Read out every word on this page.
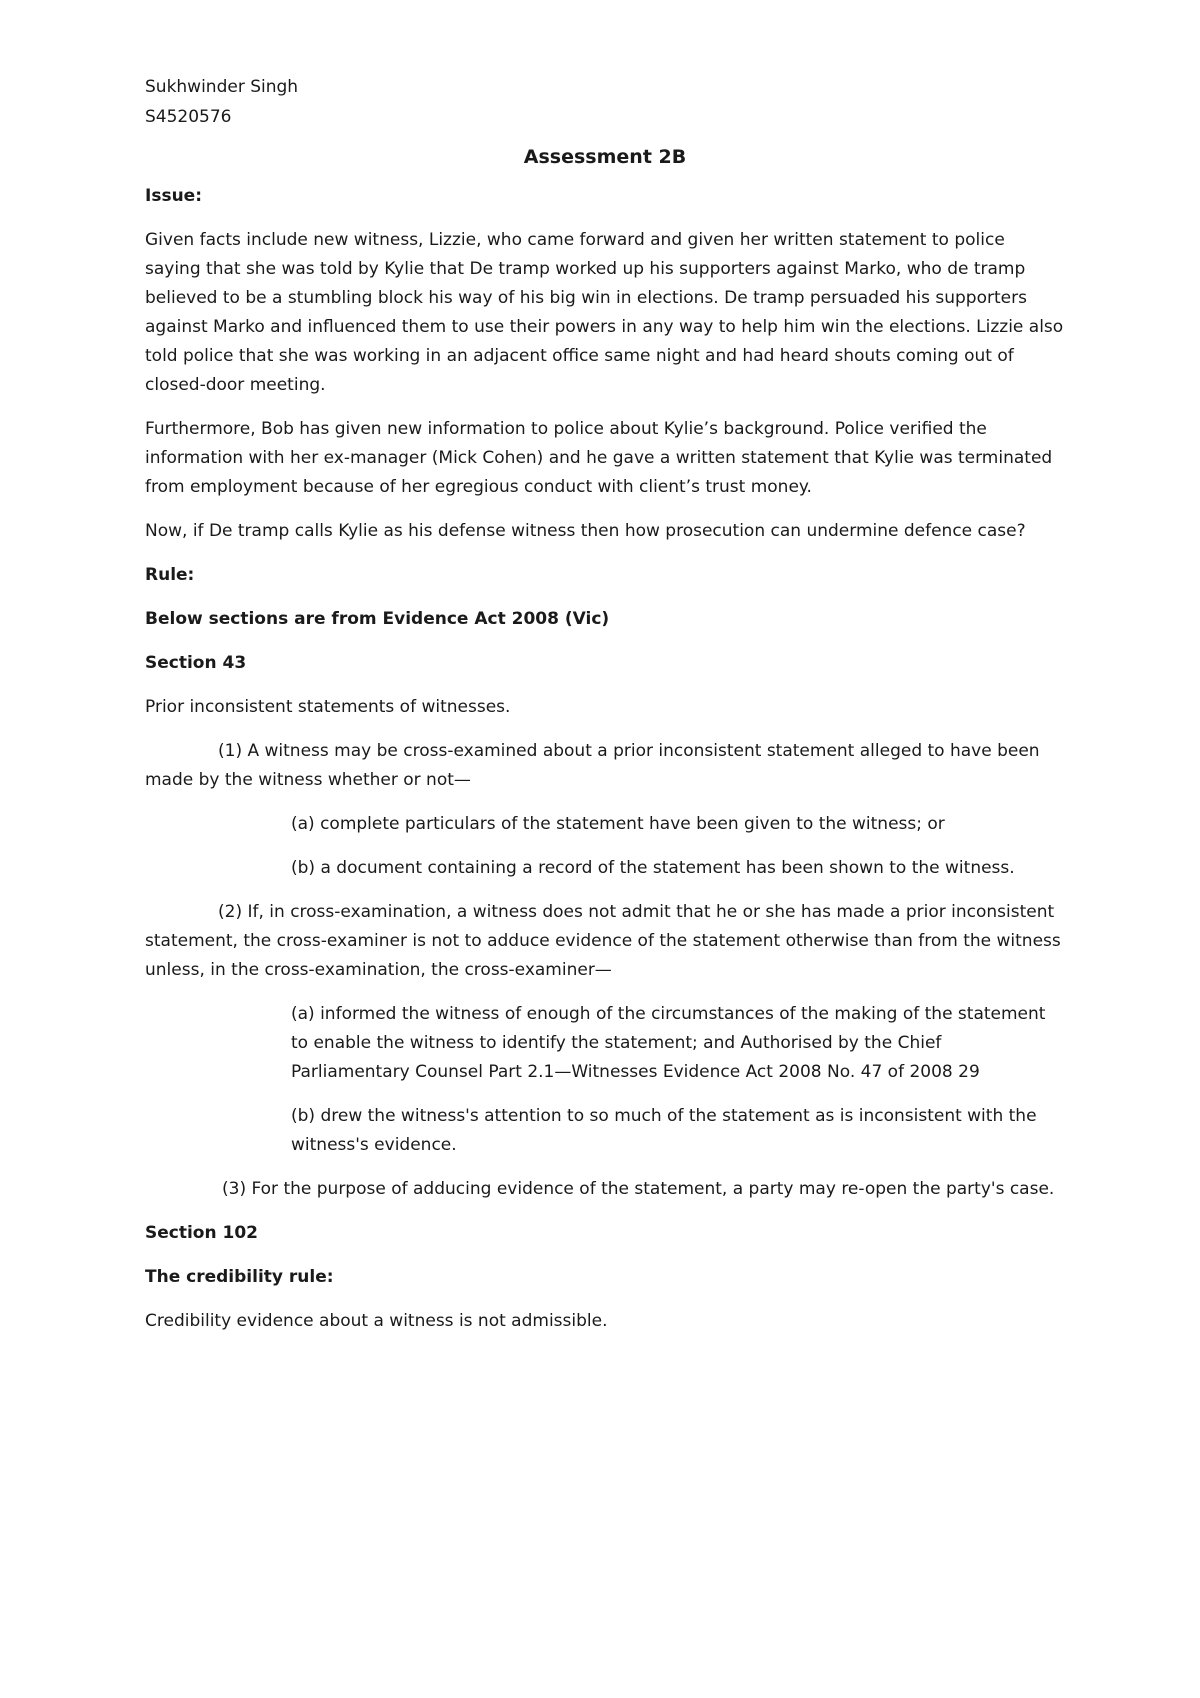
Sukhwinder Singh

S4520576

Assessment 2B

Issue:

Given facts include new witness, Lizzie, who came forward and given her written statement to police saying that she was told by Kylie that De tramp worked up his supporters against Marko, who de tramp believed to be a stumbling block his way of his big win in elections. De tramp persuaded his supporters against Marko and influenced them to use their powers in any way to help him win the elections. Lizzie also told police that she was working in an adjacent office same night and had heard shouts coming out of closed-door meeting.

Furthermore, Bob has given new information to police about Kylie’s background. Police verified the information with her ex-manager (Mick Cohen) and he gave a written statement that Kylie was terminated from employment because of her egregious conduct with client’s trust money.

Now, if De tramp calls Kylie as his defense witness then how prosecution can undermine defence case?

Rule:

Below sections are from Evidence Act 2008 (Vic)

Section 43

Prior inconsistent statements of witnesses.

(1) A witness may be cross-examined about a prior inconsistent statement alleged to have been made by the witness whether or not—

(a) complete particulars of the statement have been given to the witness; or

(b) a document containing a record of the statement has been shown to the witness.

(2) If, in cross-examination, a witness does not admit that he or she has made a prior inconsistent statement, the cross-examiner is not to adduce evidence of the statement otherwise than from the witness unless, in the cross-examination, the cross-examiner—

(a) informed the witness of enough of the circumstances of the making of the statement to enable the witness to identify the statement; and Authorised by the Chief Parliamentary Counsel Part 2.1—Witnesses Evidence Act 2008 No. 47 of 2008 29

(b) drew the witness's attention to so much of the statement as is inconsistent with the witness's evidence.

(3) For the purpose of adducing evidence of the statement, a party may re-open the party's case.

Section 102

The credibility rule:

Credibility evidence about a witness is not admissible.
